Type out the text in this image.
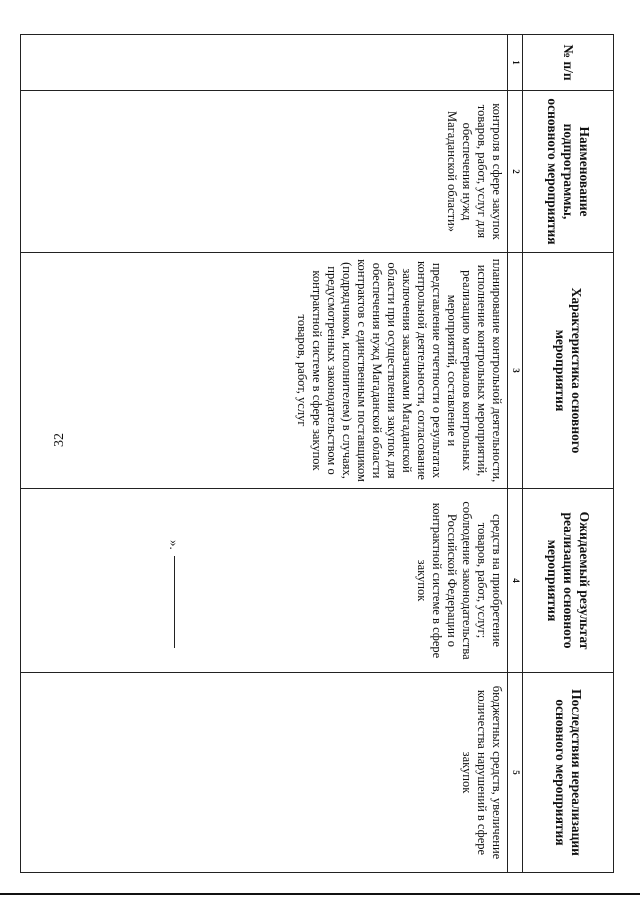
32
№ п/п	Наименование подпрограммы, основного мероприятия	Характеристика основного мероприятия	Ожидаемый результат реализации основного мероприятия	Последствия нереализации основного мероприятия
1	2	3	4	5
	контроля в сфере закупок товаров, работ, услуг для обеспечения нужд Магаданской области»	планирование контрольной деятельности, исполнение контрольных мероприятий, реализацию материалов контрольных мероприятий, составление и представление отчетности о результатах контрольной деятельности, согласование заключения заказчиками Магаданской области при осуществлении закупок для обеспечения нужд Магаданской области контрактов с единственным поставщиком (подрядчиком, исполнителем) в случаях, предусмотренных законодательством о контрактной системе в сфере закупок товаров, работ, услуг	средств на приобретение товаров, работ, услуг; соблюдение законодательства Российской Федерации о контрактной системе в сфере закупок	бюджетных средств, увеличение количества нарушений в сфере закупок
».
